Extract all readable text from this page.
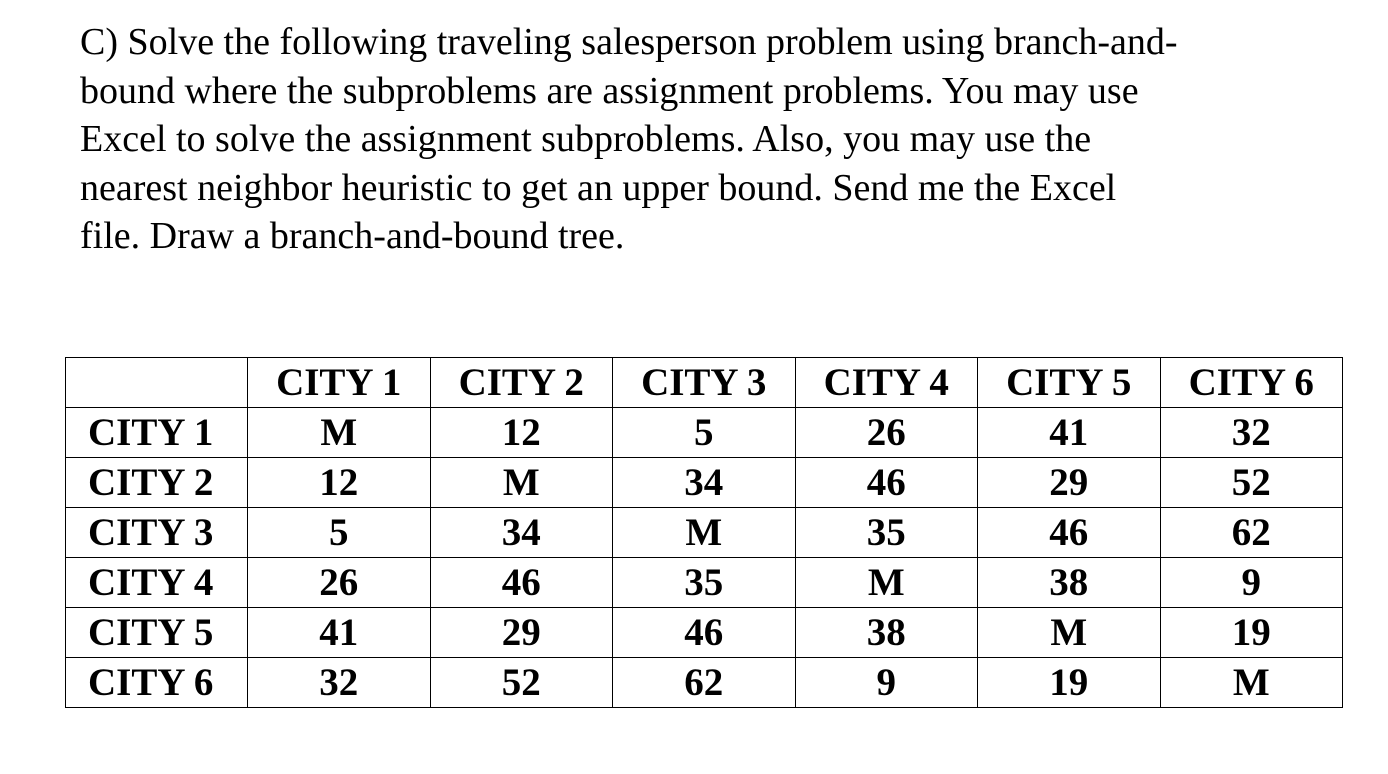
C) Solve the following traveling salesperson problem using branch-and-
bound where the subproblems are assignment problems. You may use
Excel to solve the assignment subproblems. Also, you may use the
nearest neighbor heuristic to get an upper bound. Send me the Excel
file. Draw a branch-and-bound tree.

	CITY 1	CITY 2	CITY 3	CITY 4	CITY 5	CITY 6
CITY 1	M	12	5	26	41	32
CITY 2	12	M	34	46	29	52
CITY 3	5	34	M	35	46	62
CITY 4	26	46	35	M	38	9
CITY 5	41	29	46	38	M	19
CITY 6	32	52	62	9	19	M
